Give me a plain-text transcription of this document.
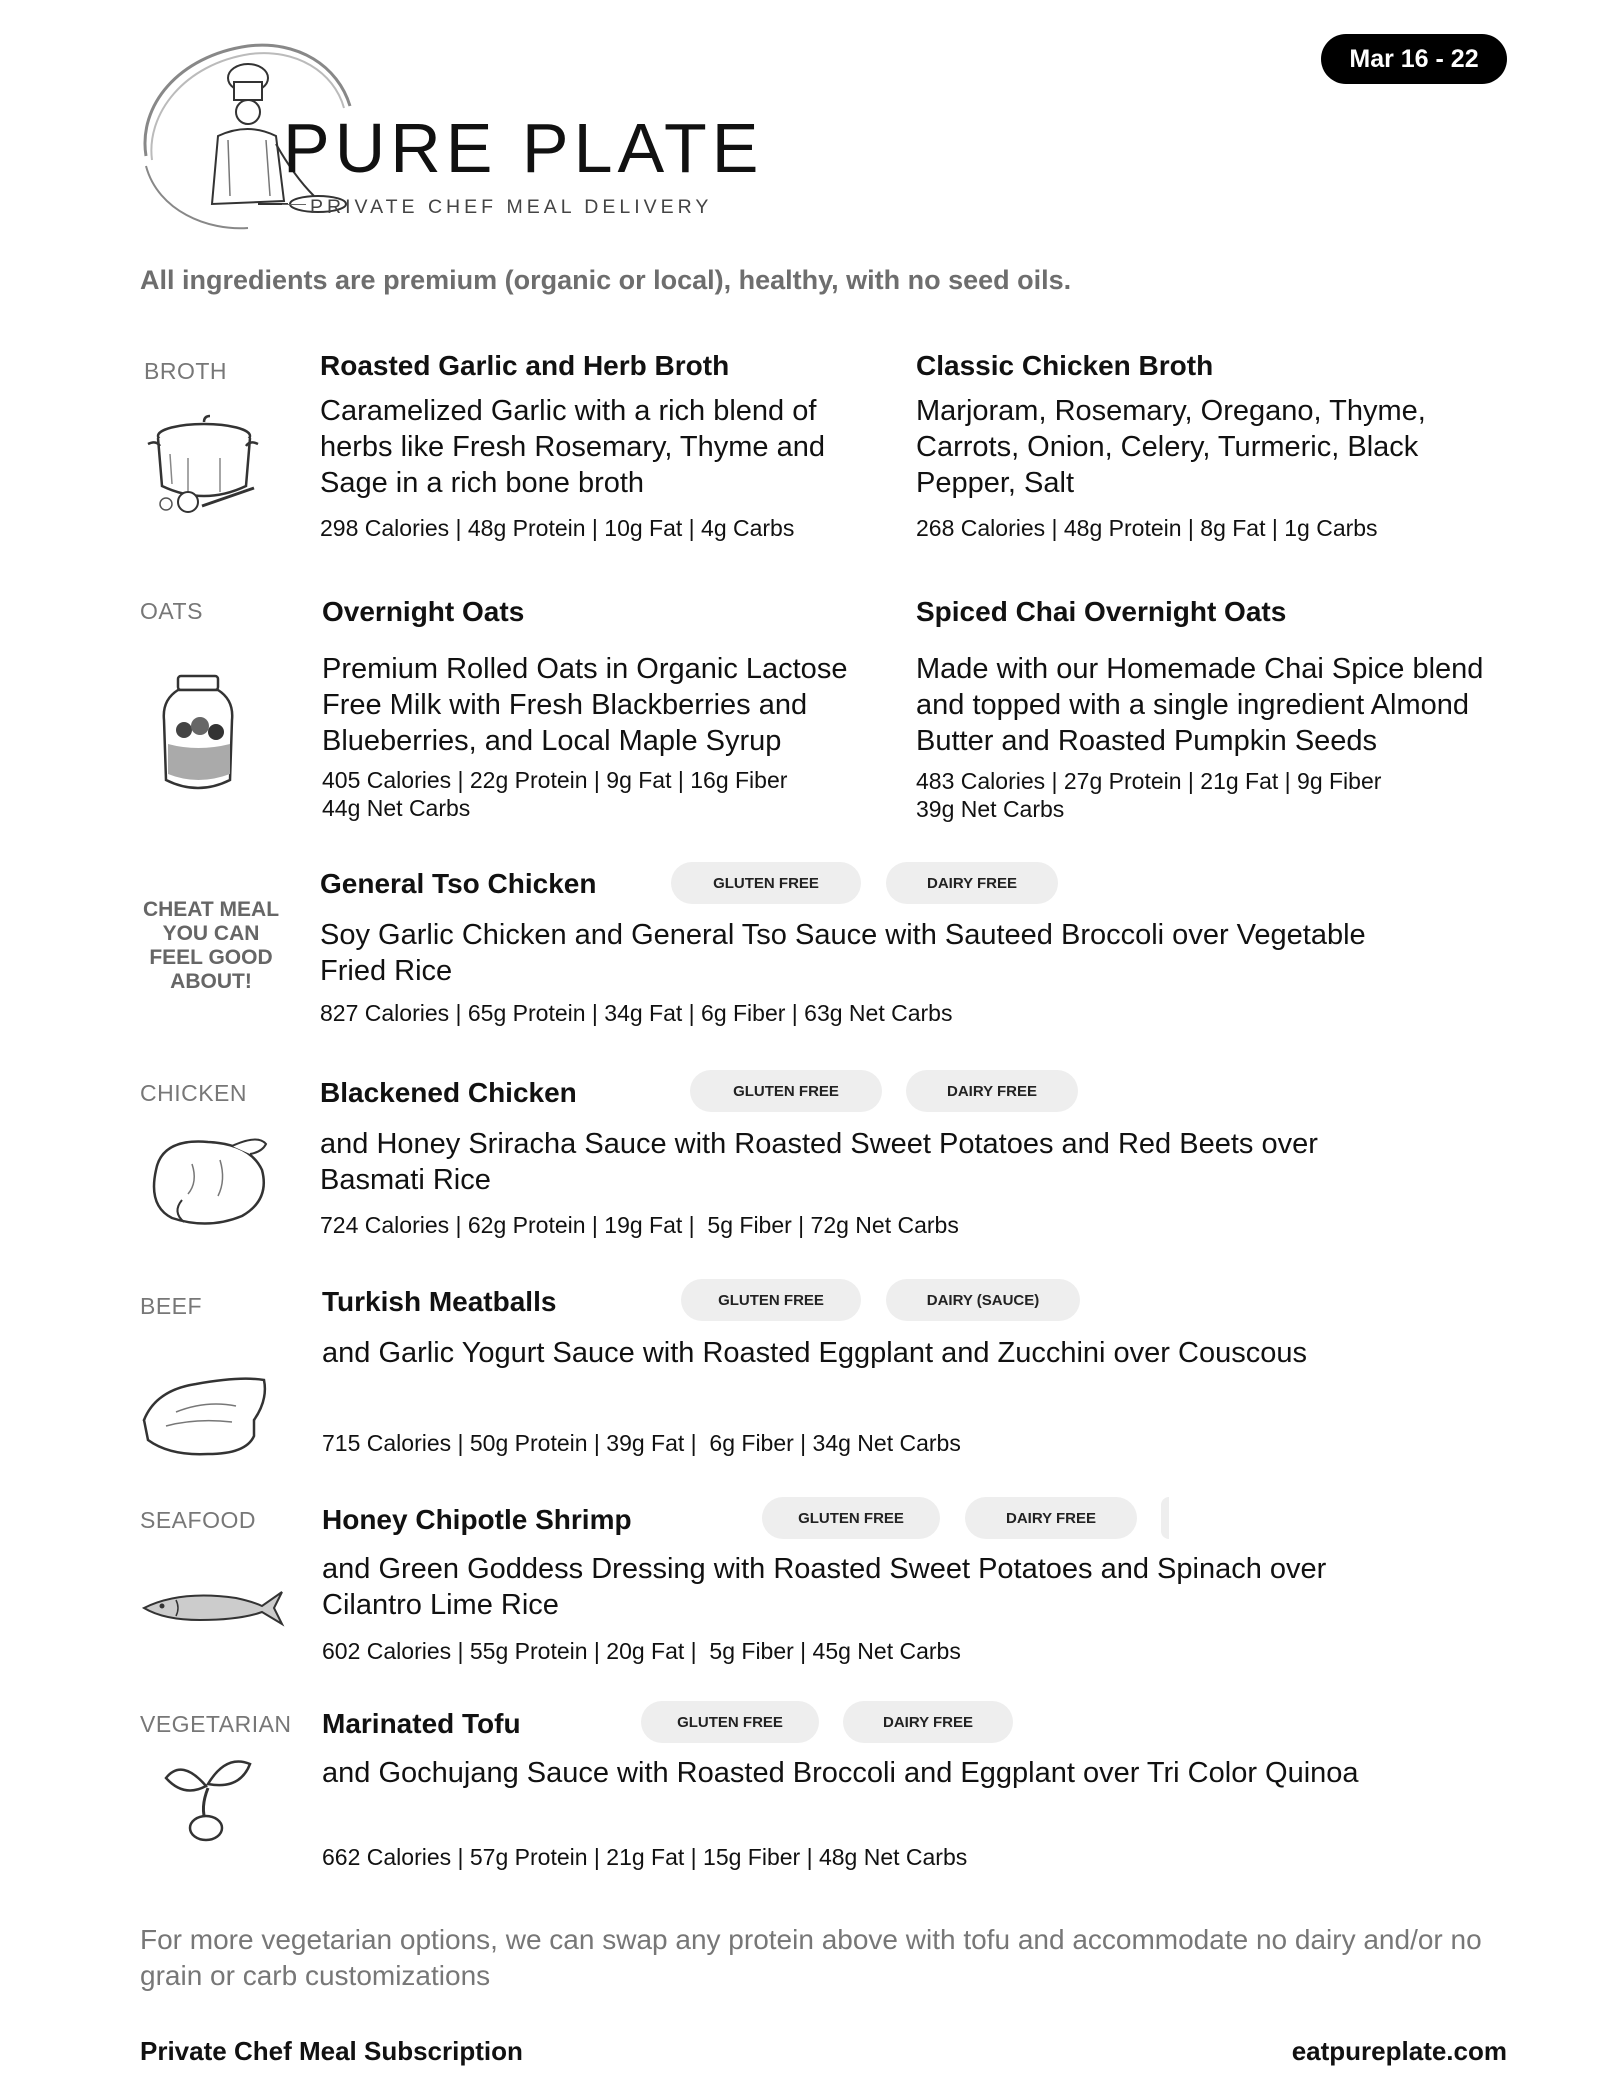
Mar 16 - 22
PURE PLATE
PRIVATE CHEF MEAL DELIVERY
All ingredients are premium (organic or local), healthy, with no seed oils.
BROTH	Roasted Garlic and Herb Broth
Caramelized Garlic with a rich blend of herbs like Fresh Rosemary, Thyme and Sage in a rich bone broth
298 Calories | 48g Protein | 10g Fat | 4g Carbs
Classic Chicken Broth
Marjoram, Rosemary, Oregano, Thyme, Carrots, Onion, Celery, Turmeric, Black Pepper, Salt
268 Calories | 48g Protein | 8g Fat | 1g Carbs
OATS	Overnight Oats
Premium Rolled Oats in Organic Lactose Free Milk with Fresh Blackberries and Blueberries, and Local Maple Syrup
405 Calories | 22g Protein | 9g Fat | 16g Fiber 44g Net Carbs
Spiced Chai Overnight Oats
Made with our Homemade Chai Spice blend and topped with a single ingredient Almond Butter and Roasted Pumpkin Seeds
483 Calories | 27g Protein | 21g Fat | 9g Fiber 39g Net Carbs
CHEAT MEAL YOU CAN FEEL GOOD ABOUT!
General Tso Chicken	GLUTEN FREE	DAIRY FREE
Soy Garlic Chicken and General Tso Sauce with Sauteed Broccoli over Vegetable Fried Rice
827 Calories | 65g Protein | 34g Fat | 6g Fiber | 63g Net Carbs
CHICKEN	Blackened Chicken	GLUTEN FREE	DAIRY FREE
and Honey Sriracha Sauce with Roasted Sweet Potatoes and Red Beets over Basmati Rice
724 Calories | 62g Protein | 19g Fat |  5g Fiber | 72g Net Carbs
BEEF	Turkish Meatballs	GLUTEN FREE	DAIRY (SAUCE)
and Garlic Yogurt Sauce with Roasted Eggplant and Zucchini over Couscous
715 Calories | 50g Protein | 39g Fat |  6g Fiber | 34g Net Carbs
SEAFOOD Honey Chipotle Shrimp	GLUTEN FREE	DAIRY FREE
and Green Goddess Dressing with Roasted Sweet Potatoes and Spinach over Cilantro Lime Rice
602 Calories | 55g Protein | 20g Fat |  5g Fiber | 45g Net Carbs
VEGETARIAN Marinated Tofu	GLUTEN FREE	DAIRY FREE
and Gochujang Sauce with Roasted Broccoli and Eggplant over Tri Color Quinoa
662 Calories | 57g Protein | 21g Fat | 15g Fiber | 48g Net Carbs
For more vegetarian options, we can swap any protein above with tofu and accommodate no dairy and/or no grain or carb customizations
Private Chef Meal Subscription	eatpureplate.com
